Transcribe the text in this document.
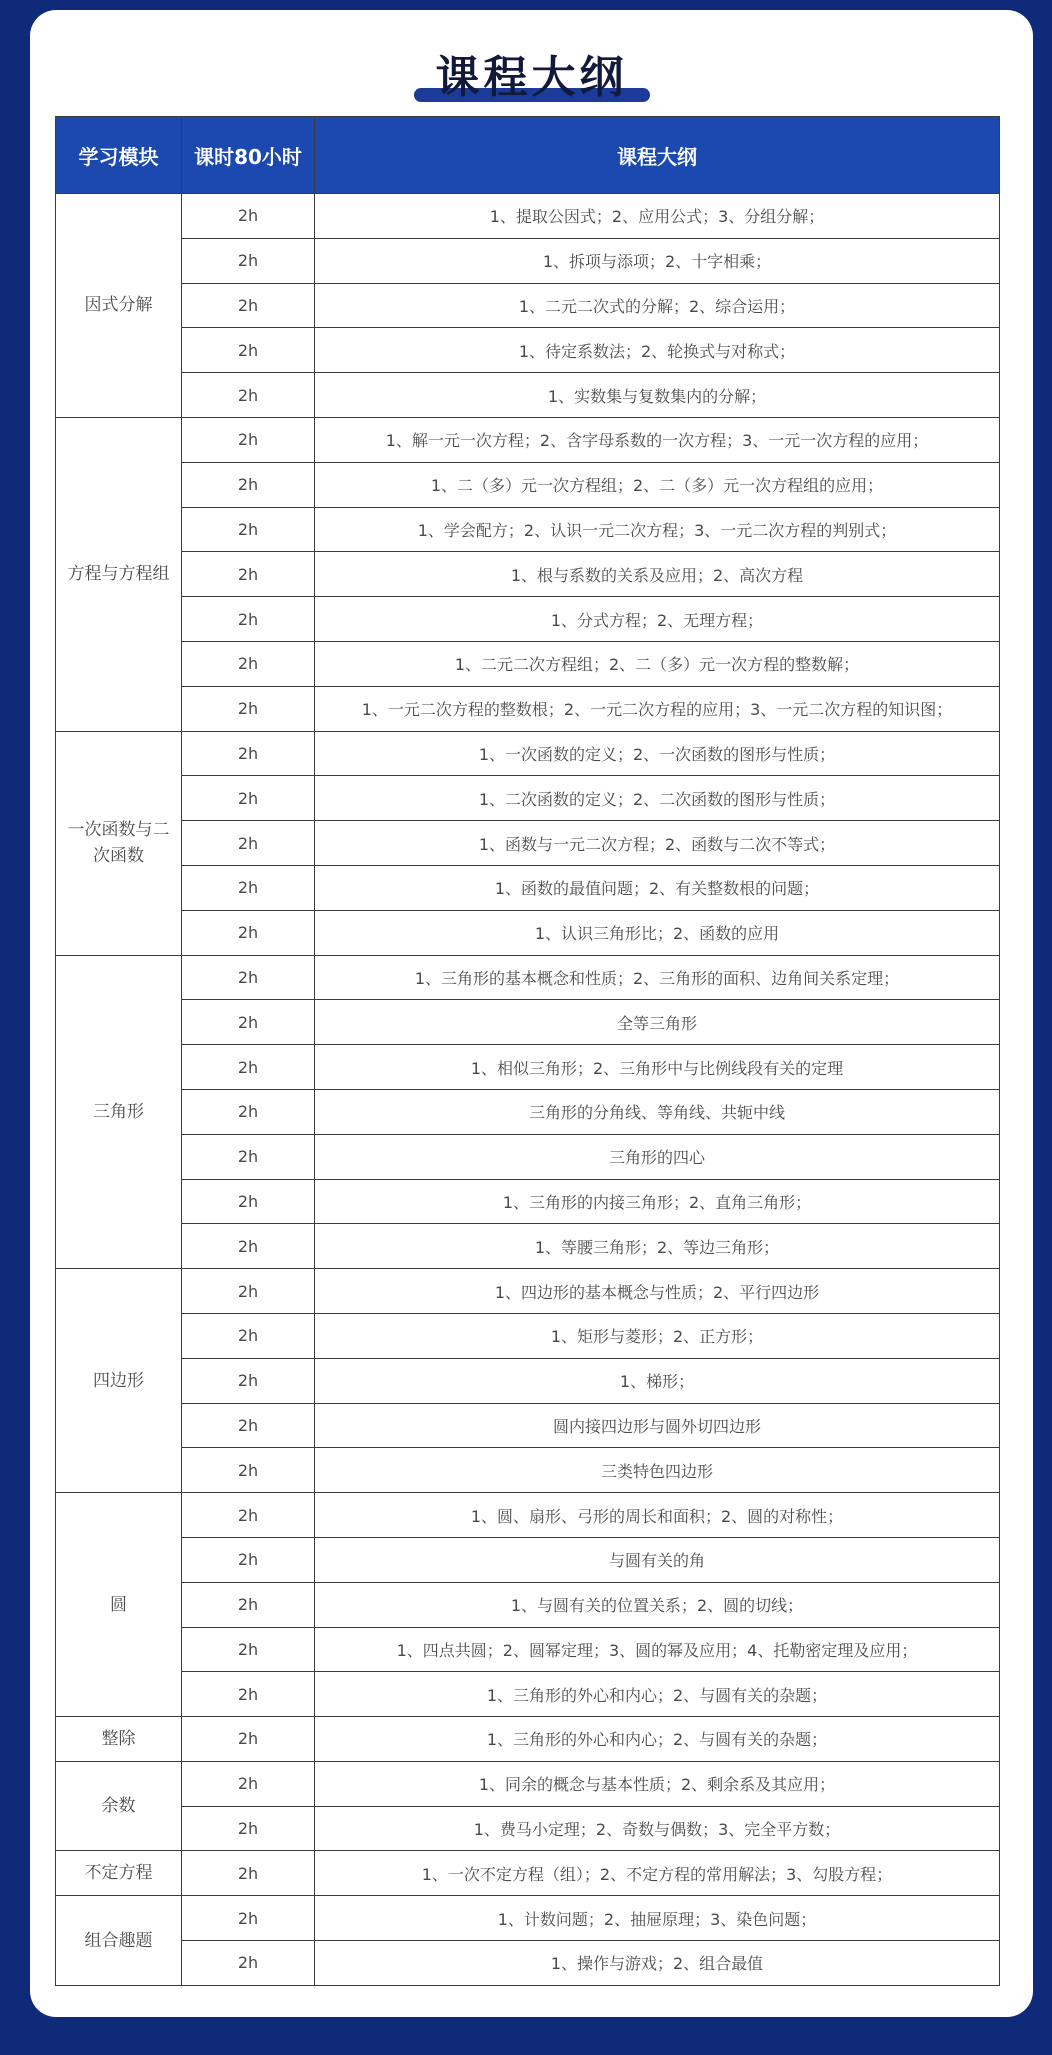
课程大纲
学习模块	课时80小时	课程大纲
因式分解	2h	1、提取公因式；2、应用公式；3、分组分解；
	2h	1、拆项与添项；2、十字相乘；
	2h	1、二元二次式的分解；2、综合运用；
	2h	1、待定系数法；2、轮换式与对称式；
	2h	1、实数集与复数集内的分解；
方程与方程组	2h	1、解一元一次方程；2、含字母系数的一次方程；3、一元一次方程的应用；
	2h	1、二（多）元一次方程组；2、二（多）元一次方程组的应用；
	2h	1、学会配方；2、认识一元二次方程；3、一元二次方程的判别式；
	2h	1、根与系数的关系及应用；2、高次方程
	2h	1、分式方程；2、无理方程；
	2h	1、二元二次方程组；2、二（多）元一次方程的整数解；
	2h	1、一元二次方程的整数根；2、一元二次方程的应用；3、一元二次方程的知识图；
一次函数与二次函数	2h	1、一次函数的定义；2、一次函数的图形与性质；
	2h	1、二次函数的定义；2、二次函数的图形与性质；
	2h	1、函数与一元二次方程；2、函数与二次不等式；
	2h	1、函数的最值问题；2、有关整数根的问题；
	2h	1、认识三角形比；2、函数的应用
三角形	2h	1、三角形的基本概念和性质；2、三角形的面积、边角间关系定理；
	2h	全等三角形
	2h	1、相似三角形；2、三角形中与比例线段有关的定理
	2h	三角形的分角线、等角线、共轭中线
	2h	三角形的四心
	2h	1、三角形的内接三角形；2、直角三角形；
	2h	1、等腰三角形；2、等边三角形；
四边形	2h	1、四边形的基本概念与性质；2、平行四边形
	2h	1、矩形与菱形；2、正方形；
	2h	1、梯形；
	2h	圆内接四边形与圆外切四边形
	2h	三类特色四边形
圆	2h	1、圆、扇形、弓形的周长和面积；2、圆的对称性；
	2h	与圆有关的角
	2h	1、与圆有关的位置关系；2、圆的切线；
	2h	1、四点共圆；2、圆幂定理；3、圆的幂及应用；4、托勒密定理及应用；
	2h	1、三角形的外心和内心；2、与圆有关的杂题；
整除	2h	1、三角形的外心和内心；2、与圆有关的杂题；
余数	2h	1、同余的概念与基本性质；2、剩余系及其应用；
	2h	1、费马小定理；2、奇数与偶数；3、完全平方数；
不定方程	2h	1、一次不定方程（组）；2、不定方程的常用解法；3、勾股方程；
组合趣题	2h	1、计数问题；2、抽屉原理；3、染色问题；
	2h	1、操作与游戏；2、组合最值
